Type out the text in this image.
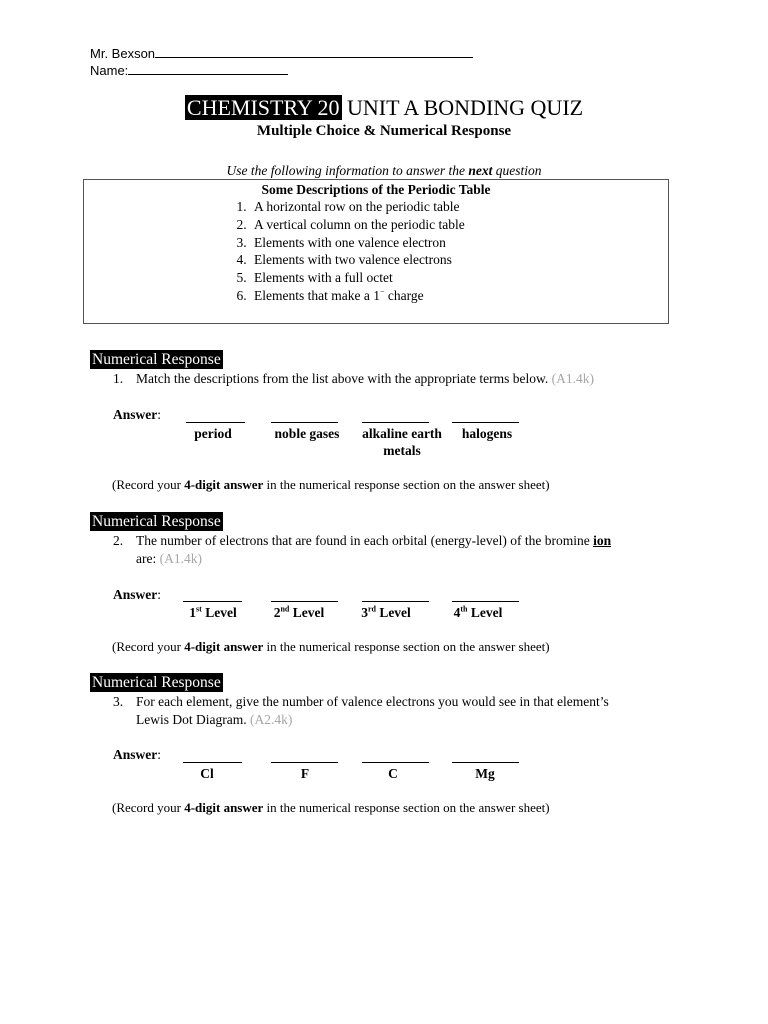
Mr. Bexson
Name:
CHEMISTRY 20 UNIT A BONDING QUIZ
Multiple Choice & Numerical Response
Use the following information to answer the next question
Some Descriptions of the Periodic Table
1. A horizontal row on the periodic table
2. A vertical column on the periodic table
3. Elements with one valence electron
4. Elements with two valence electrons
5. Elements with a full octet
6. Elements that make a 1− charge
Numerical Response
1. Match the descriptions from the list above with the appropriate terms below. (A1.4k)
Answer:
period	noble gases	alkaline earth metals
halogens
(Record your 4-digit answer in the numerical response section on the answer sheet)
Numerical Response
2. The number of electrons that are found in each orbital (energy-level) of the bromine ion
are: (A1.4k)
Answer:
1st Level	2nd Level	3rd Level	4th Level
(Record your 4-digit answer in the numerical response section on the answer sheet)
Numerical Response
3. For each element, give the number of valence electrons you would see in that element’s
Lewis Dot Diagram. (A2.4k)
Answer:
Cl	F	C	Mg
(Record your 4-digit answer in the numerical response section on the answer sheet)
